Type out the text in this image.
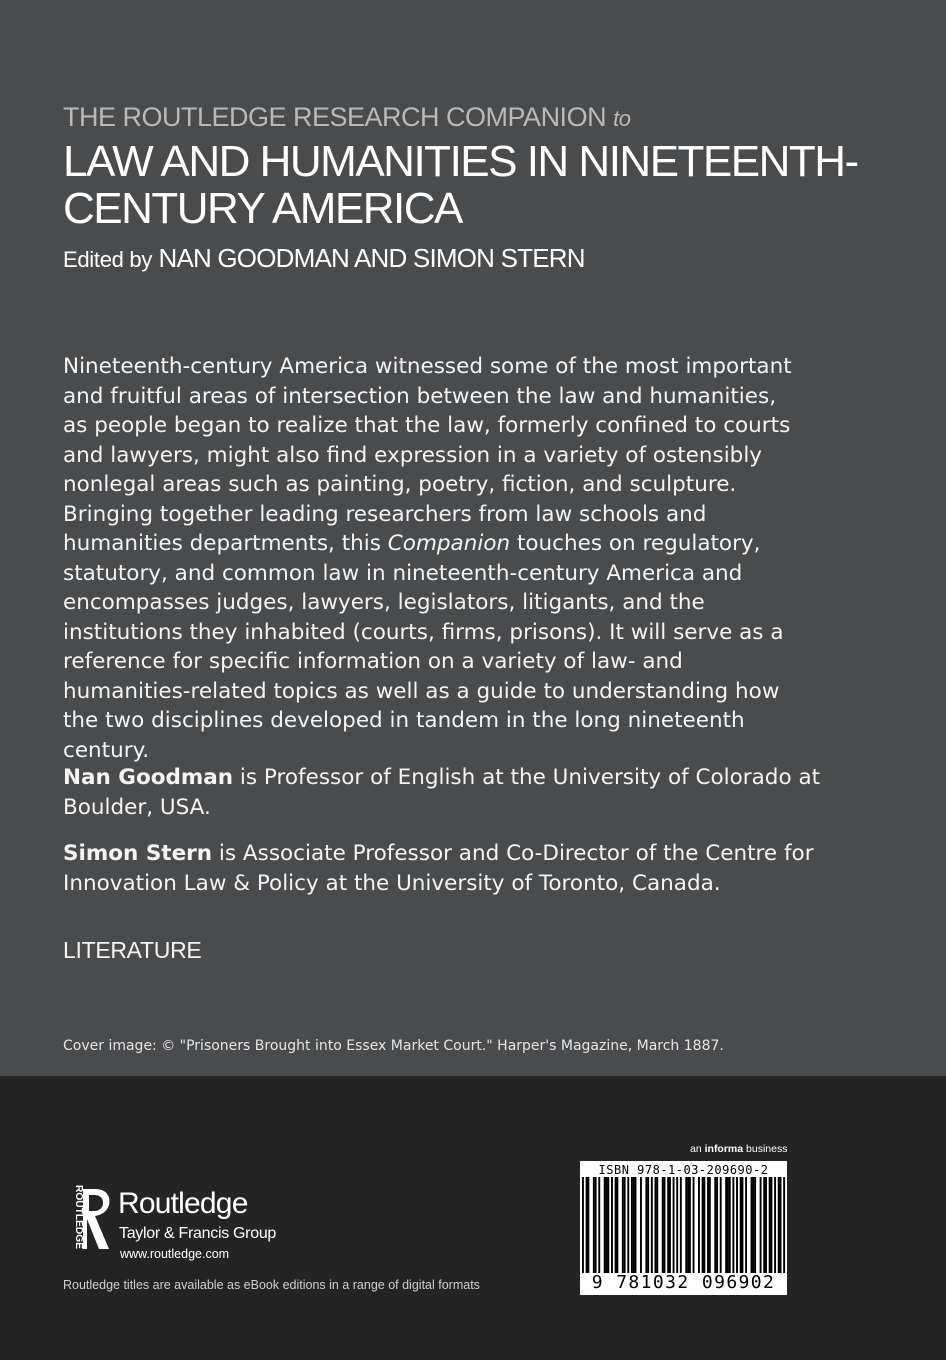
THE ROUTLEDGE RESEARCH COMPANION to

LAW AND HUMANITIES IN NINETEENTH-
CENTURY AMERICA
Edited by NAN GOODMAN AND SIMON STERN

Nineteenth-century America witnessed some of the most important and fruitful areas of intersection between the law and humanities, as people began to realize that the law, formerly confined to courts and lawyers, might also find expression in a variety of ostensibly nonlegal areas such as painting, poetry, fiction, and sculpture. Bringing together leading researchers from law schools and humanities departments, this Companion touches on regulatory, statutory, and common law in nineteenth-century America and encompasses judges, lawyers, legislators, litigants, and the institutions they inhabited (courts, firms, prisons). It will serve as a reference for specific information on a variety of law- and humanities-related topics as well as a guide to understanding how the two disciplines developed in tandem in the long nineteenth century.

Nan Goodman is Professor of English at the University of Colorado at Boulder, USA.

Simon Stern is Associate Professor and Co-Director of the Centre for Innovation Law & Policy at the University of Toronto, Canada.

LITERATURE
Cover image: © "Prisoners Brought into Essex Market Court." Harper's Magazine, March 1887.
ROUTLEDGE Routledge
Taylor & Francis Group
www.routledge.com
Routledge titles are available as eBook editions in a range of digital formats
an informa business
ISBN 978-1-03-209690-2
9 781032 096902
